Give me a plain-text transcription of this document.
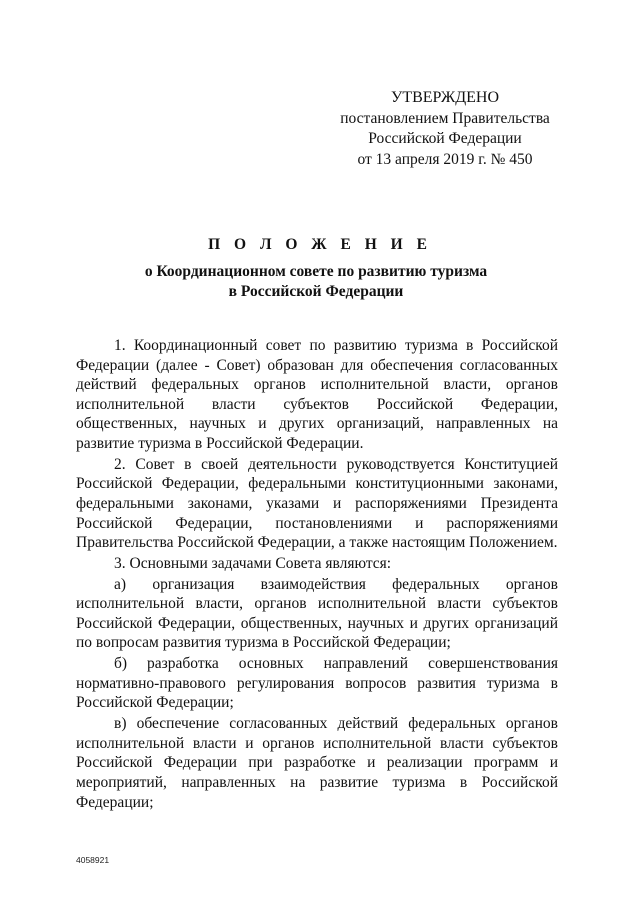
УТВЕРЖДЕНО
постановлением Правительства
Российской Федерации
от 13 апреля 2019 г. № 450
П О Л О Ж Е Н И Е
о Координационном совете по развитию туризма
в Российской Федерации

1. Координационный совет по развитию туризма в Российской Федерации (далее - Совет) образован для обеспечения согласованных действий федеральных органов исполнительной власти, органов исполнительной власти субъектов Российской Федерации, общественных, научных и других организаций, направленных на развитие туризма в Российской Федерации.

2. Совет в своей деятельности руководствуется Конституцией Российской Федерации, федеральными конституционными законами, федеральными законами, указами и распоряжениями Президента Российской Федерации, постановлениями и распоряжениями Правительства Российской Федерации, а также настоящим Положением.

3. Основными задачами Совета являются:

а) организация взаимодействия федеральных органов исполнительной власти, органов исполнительной власти субъектов Российской Федерации, общественных, научных и других организаций по вопросам развития туризма в Российской Федерации;

б) разработка основных направлений совершенствования нормативно-правового регулирования вопросов развития туризма в Российской Федерации;

в) обеспечение согласованных действий федеральных органов исполнительной власти и органов исполнительной власти субъектов Российской Федерации при разработке и реализации программ и мероприятий, направленных на развитие туризма в Российской Федерации;

4058921
